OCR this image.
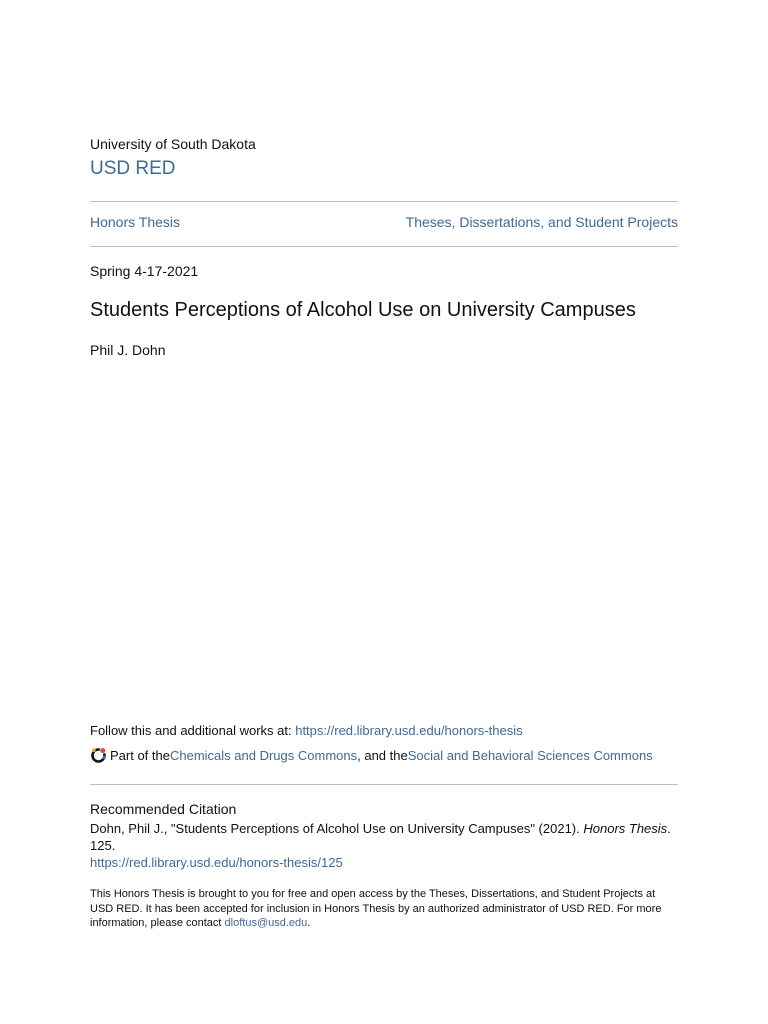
University of South Dakota
USD RED
Honors Thesis	Theses, Dissertations, and Student Projects
Spring 4-17-2021
Students Perceptions of Alcohol Use on University Campuses
Phil J. Dohn
Follow this and additional works at: https://red.library.usd.edu/honors-thesis
Part of the Chemicals and Drugs Commons , and the Social and Behavioral Sciences Commons
Recommended Citation
Dohn, Phil J., "Students Perceptions of Alcohol Use on University Campuses" (2021). Honors Thesis. 125.
https://red.library.usd.edu/honors-thesis/125
This Honors Thesis is brought to you for free and open access by the Theses, Dissertations, and Student Projects at USD RED. It has been accepted for inclusion in Honors Thesis by an authorized administrator of USD RED. For more information, please contact dloftus@usd.edu.
